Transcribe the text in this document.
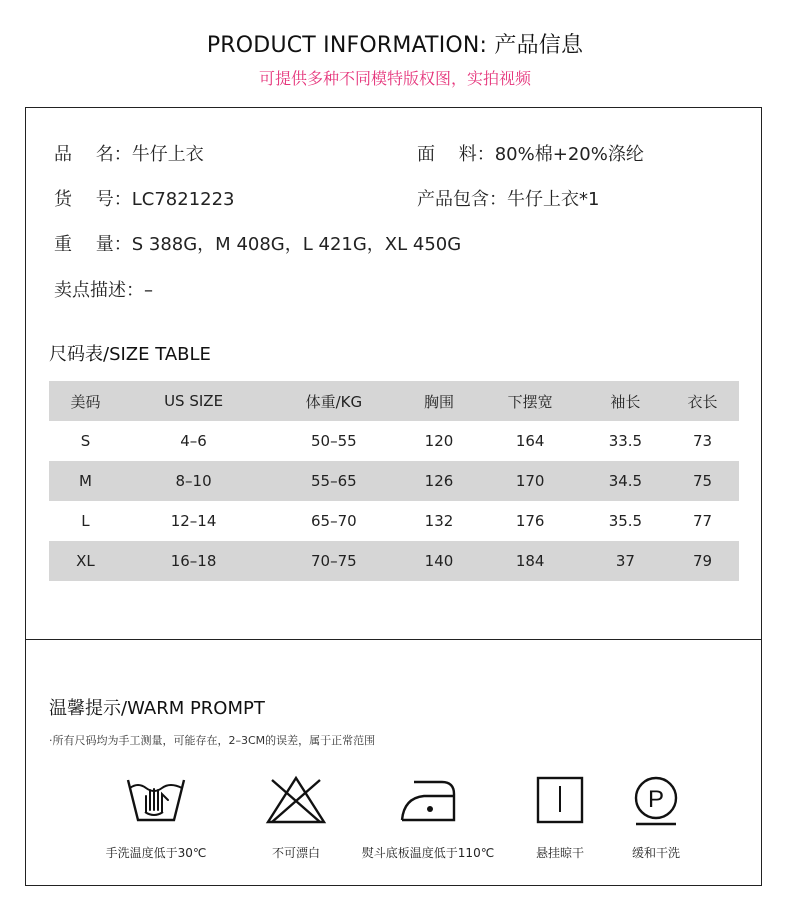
PRODUCT INFORMATION: 产品信息
可提供多种不同模特版权图，实拍视频
品　 名：牛仔上衣	面　 料：80%棉+20%涤纶
货　 号：LC7821223	产品包含：牛仔上衣*1
重　 量：S 388G，M 408G，L 421G，XL 450G
卖点描述：–
尺码表/SIZE TABLE
美码	US SIZE	体重/KG	胸围	下摆宽	袖长	衣长
S	4–6	50–55	120	164	33.5	73
M	8–10	55–65	126	170	34.5	75
L	12–14	65–70	132	176	35.5	77
XL	16–18	70–75	140	184	37	79
温馨提示/WARM PROMPT
·所有尺码均为手工测量，可能存在，2–3CM的误差，属于正常范围
手洗温度低于30℃	不可漂白	熨斗底板温度低于110℃	悬挂晾干
P
缓和干洗
